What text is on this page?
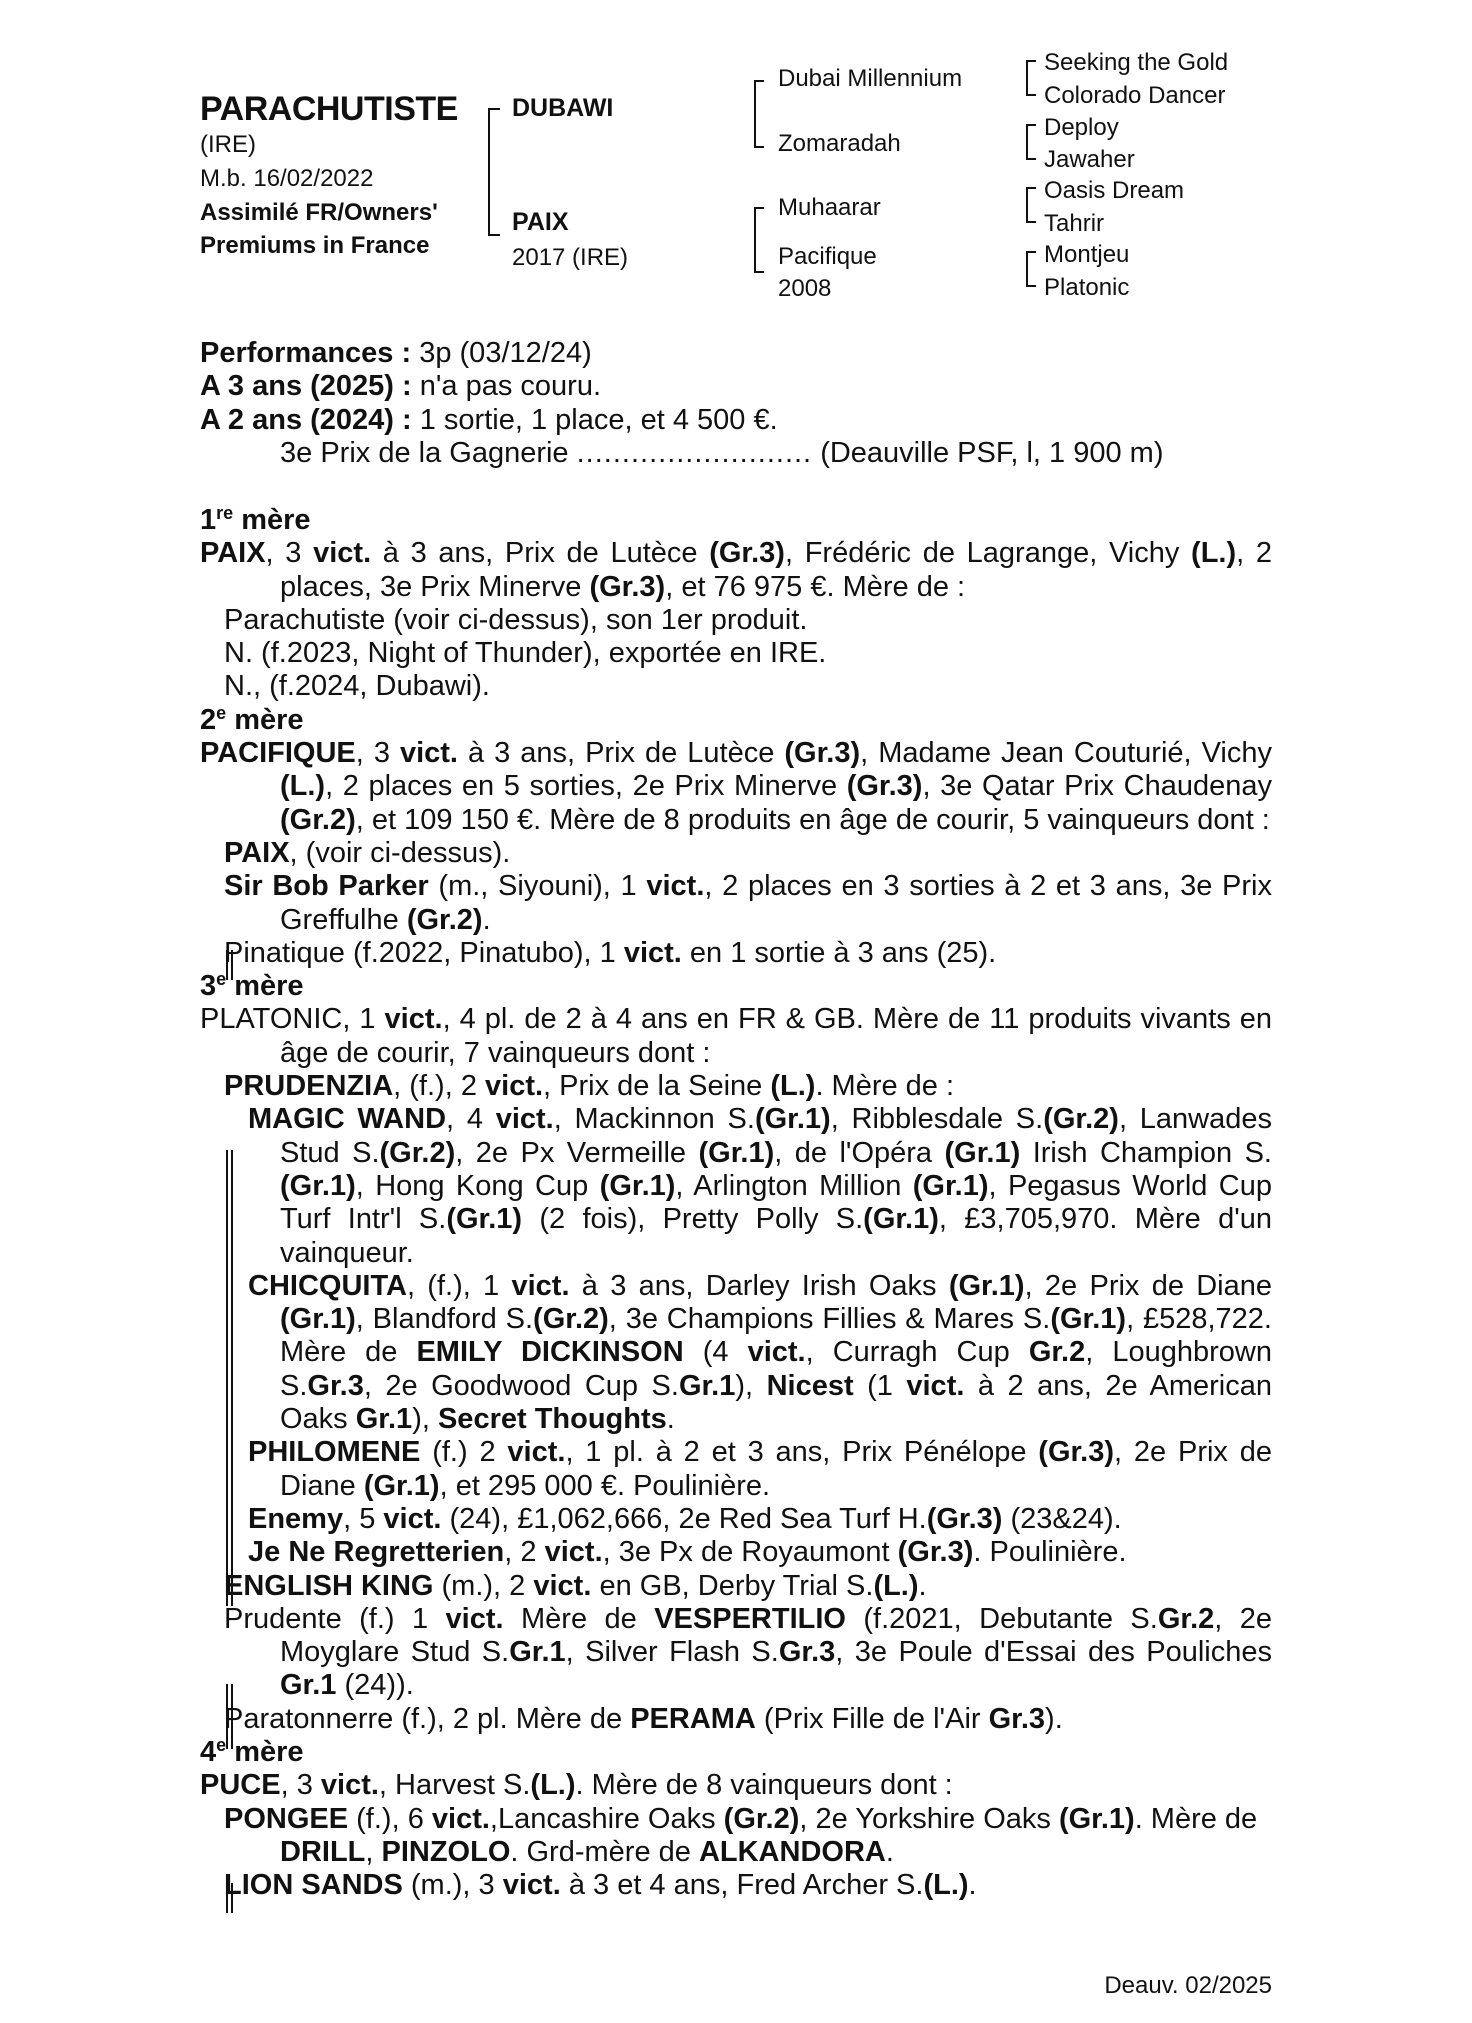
PARACHUTISTE
(IRE)
M.b. 16/02/2022
Assimilé FR/Owners'
Premiums in France
DUBAWI
PAIX
2017 (IRE)
Dubai Millennium
Zomaradah
Muhaarar
Pacifique
2008
Seeking the Gold
Colorado Dancer
Deploy
Jawaher
Oasis Dream
Tahrir
Montjeu
Platonic

Performances : 3p (03/12/24)

A 3 ans (2025) : n'a pas couru.

A 2 ans (2024) : 1 sortie, 1 place, et 4 500 €.

3e Prix de la Gagnerie .......................... (Deauville PSF, l, 1 900 m)

1re mère

PAIX, 3 vict. à 3 ans, Prix de Lutèce (Gr.3), Frédéric de Lagrange, Vichy (L.), 2 places, 3e Prix Minerve (Gr.3), et 76 975 €. Mère de :

Parachutiste (voir ci-dessus), son 1er produit.

N. (f.2023, Night of Thunder), exportée en IRE.

N., (f.2024, Dubawi).

2e mère

PACIFIQUE, 3 vict. à 3 ans, Prix de Lutèce (Gr.3), Madame Jean Couturié, Vichy (L.), 2 places en 5 sorties, 2e Prix Minerve (Gr.3), 3e Qatar Prix Chaudenay (Gr.2), et 109 150 €. Mère de 8 produits en âge de courir, 5 vainqueurs dont :

PAIX, (voir ci-dessus).

Sir Bob Parker (m., Siyouni), 1 vict., 2 places en 3 sorties à 2 et 3 ans, 3e Prix Greffulhe (Gr.2).

Pinatique (f.2022, Pinatubo), 1 vict. en 1 sortie à 3 ans (25).

3e mère

PLATONIC, 1 vict., 4 pl. de 2 à 4 ans en FR & GB. Mère de 11 produits vivants en âge de courir, 7 vainqueurs dont :

PRUDENZIA, (f.), 2 vict., Prix de la Seine (L.). Mère de :

MAGIC WAND, 4 vict., Mackinnon S.(Gr.1), Ribblesdale S.(Gr.2), Lanwades Stud S.(Gr.2), 2e Px Vermeille (Gr.1), de l'Opéra (Gr.1) Irish Champion S.(Gr.1), Hong Kong Cup (Gr.1), Arlington Million (Gr.1), Pegasus World Cup Turf Intr'l S.(Gr.1) (2 fois), Pretty Polly S.(Gr.1), £3,705,970. Mère d'un vainqueur.

CHICQUITA, (f.), 1 vict. à 3 ans, Darley Irish Oaks (Gr.1), 2e Prix de Diane (Gr.1), Blandford S.(Gr.2), 3e Champions Fillies & Mares S.(Gr.1), £528,722. Mère de EMILY DICKINSON (4 vict., Curragh Cup Gr.2, Loughbrown S.Gr.3, 2e Goodwood Cup S.Gr.1), Nicest (1 vict. à 2 ans, 2e American Oaks Gr.1), Secret Thoughts.

PHILOMENE (f.) 2 vict., 1 pl. à 2 et 3 ans, Prix Pénélope (Gr.3), 2e Prix de Diane (Gr.1), et 295 000 €. Poulinière.

Enemy, 5 vict. (24), £1,062,666, 2e Red Sea Turf H.(Gr.3) (23&24).

Je Ne Regretterien, 2 vict., 3e Px de Royaumont (Gr.3). Poulinière.

ENGLISH KING (m.), 2 vict. en GB, Derby Trial S.(L.).

Prudente (f.) 1 vict. Mère de VESPERTILIO (f.2021, Debutante S.Gr.2, 2e Moyglare Stud S.Gr.1, Silver Flash S.Gr.3, 3e Poule d'Essai des Pouliches Gr.1 (24)).

Paratonnerre (f.), 2 pl. Mère de PERAMA (Prix Fille de l'Air Gr.3).

4e mère

PUCE, 3 vict., Harvest S.(L.). Mère de 8 vainqueurs dont :

PONGEE (f.), 6 vict.,Lancashire Oaks (Gr.2), 2e Yorkshire Oaks (Gr.1). Mère de DRILL, PINZOLO. Grd-mère de ALKANDORA.

LION SANDS (m.), 3 vict. à 3 et 4 ans, Fred Archer S.(L.).

Deauv. 02/2025
